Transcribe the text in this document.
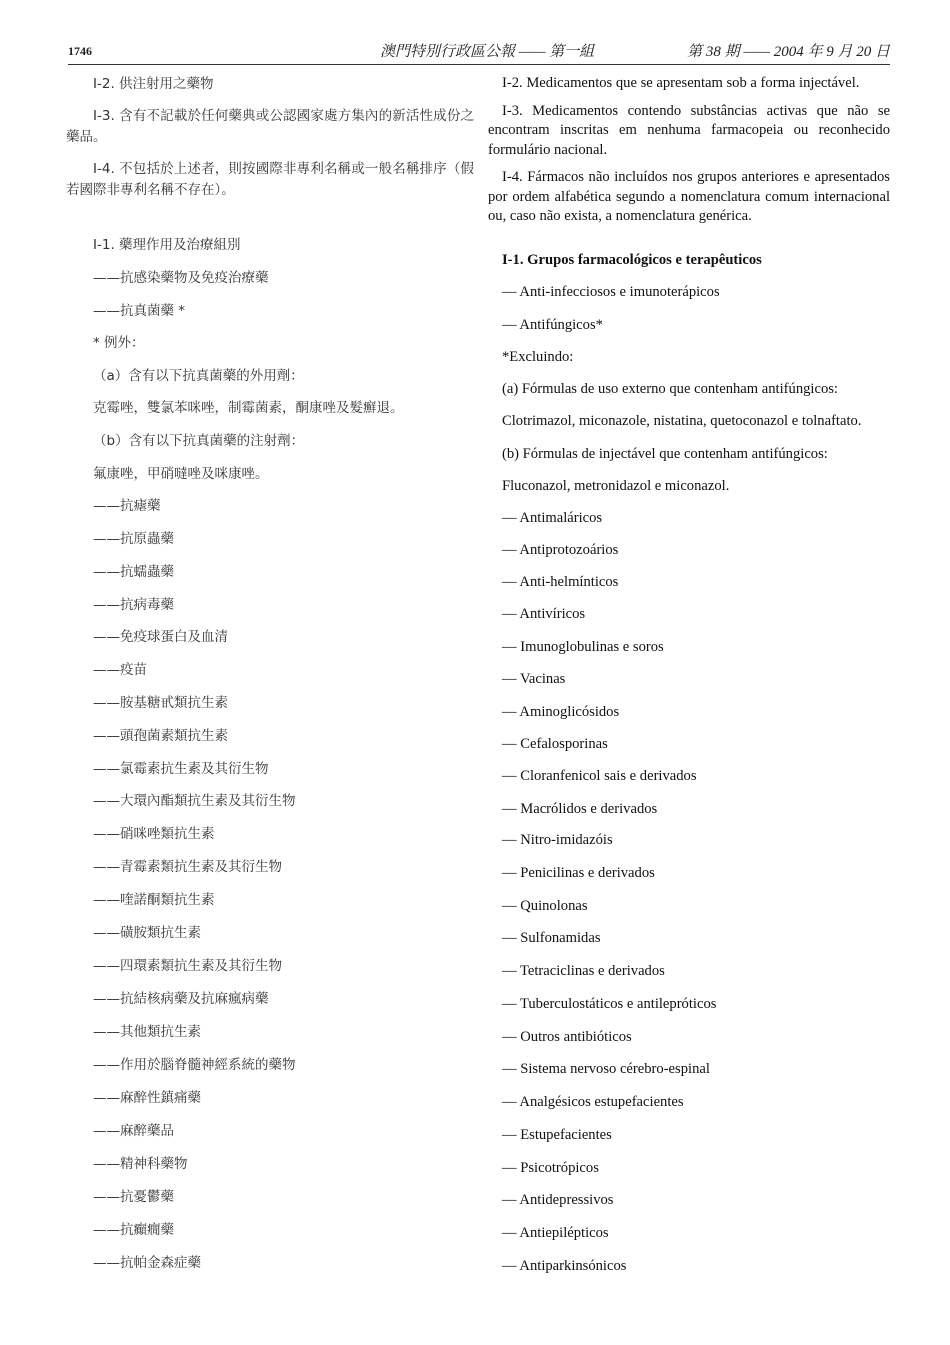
1746	澳門特別行政區公報 —— 第一組	第 38 期 —— 2004 年 9 月 20 日

I-2. 供注射用之藥物

I-3. 含有不記載於任何藥典或公認國家處方集內的新活性成份之藥品。

I-4. 不包括於上述者，則按國際非專利名稱或一般名稱排序（假若國際非專利名稱不存在）。

I-1. 藥理作用及治療組別
——抗感染藥物及免疫治療藥
——抗真菌藥 *
* 例外：
（a）含有以下抗真菌藥的外用劑：
克霉唑，雙氯苯咪唑，制霉菌素，酮康唑及髮癬退。
（b）含有以下抗真菌藥的注射劑：
氟康唑，甲硝噠唑及咪康唑。
——抗瘧藥
——抗原蟲藥
——抗蠕蟲藥
——抗病毒藥
——免疫球蛋白及血清
——疫苗
——胺基糖甙類抗生素
——頭孢菌素類抗生素
——氯霉素抗生素及其衍生物
——大環內酯類抗生素及其衍生物
——硝咪唑類抗生素
——青霉素類抗生素及其衍生物
——喹諾酮類抗生素
——磺胺類抗生素
——四環素類抗生素及其衍生物
——抗結核病藥及抗麻瘋病藥
——其他類抗生素
——作用於腦脊髓神經系統的藥物
——麻醉性鎮痛藥
——麻醉藥品
——精神科藥物
——抗憂鬱藥
——抗癲癇藥
——抗帕金森症藥

I-2. Medicamentos que se apresentam sob a forma injectável.

I-3. Medicamentos contendo substâncias activas que não se encontram inscritas em nenhuma farmacopeia ou reconhecido formulário nacional.

I-4. Fármacos não incluídos nos grupos anteriores e apresentados por ordem alfabética segundo a nomenclatura comum internacional ou, caso não exista, a nomenclatura genérica.

I-1. Grupos farmacológicos e terapêuticos
— Anti-infecciosos e imunoterápicos
— Antifúngicos*
*Excluindo:
(a) Fórmulas de uso externo que contenham antifúngicos:
Clotrimazol, miconazole, nistatina, quetoconazol e tolnaftato.
(b) Fórmulas de injectável que contenham antifúngicos:
Fluconazol, metronidazol e miconazol.
— Antimaláricos
— Antiprotozoários
— Anti-helmínticos
— Antivíricos
— Imunoglobulinas e soros
— Vacinas
— Aminoglicósidos
— Cefalosporinas
— Cloranfenicol sais e derivados
— Macrólidos e derivados
— Nitro-imidazóis
— Penicilinas e derivados
— Quinolonas
— Sulfonamidas
— Tetraciclinas e derivados
— Tuberculostáticos e antilepróticos
— Outros antibióticos
— Sistema nervoso cérebro-espinal
— Analgésicos estupefacientes
— Estupefacientes
— Psicotrópicos
— Antidepressivos
— Antiepilépticos
— Antiparkinsónicos
